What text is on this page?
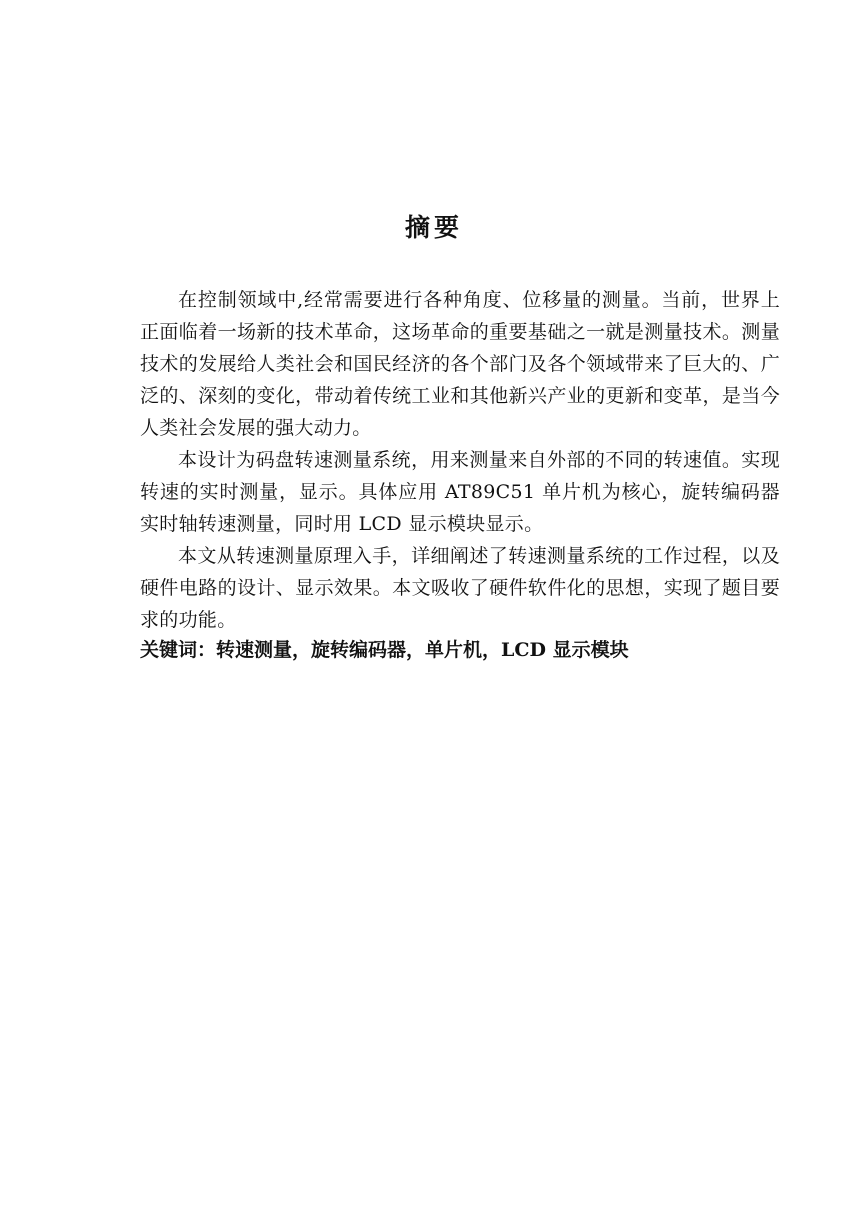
摘要

在控制领域中,经常需要进行各种角度、位移量的测量。当前，世界上正面临着一场新的技术革命，这场革命的重要基础之一就是测量技术。测量技术的发展给人类社会和国民经济的各个部门及各个领域带来了巨大的、广泛的、深刻的变化，带动着传统工业和其他新兴产业的更新和变革，是当今人类社会发展的强大动力。

本设计为码盘转速测量系统，用来测量来自外部的不同的转速值。实现转速的实时测量，显示。具体应用 AT89C51 单片机为核心，旋转编码器实时轴转速测量，同时用 LCD 显示模块显示。

本文从转速测量原理入手，详细阐述了转速测量系统的工作过程，以及硬件电路的设计、显示效果。本文吸收了硬件软件化的思想，实现了题目要求的功能。

关键词：转速测量，旋转编码器，单片机，LCD 显示模块
